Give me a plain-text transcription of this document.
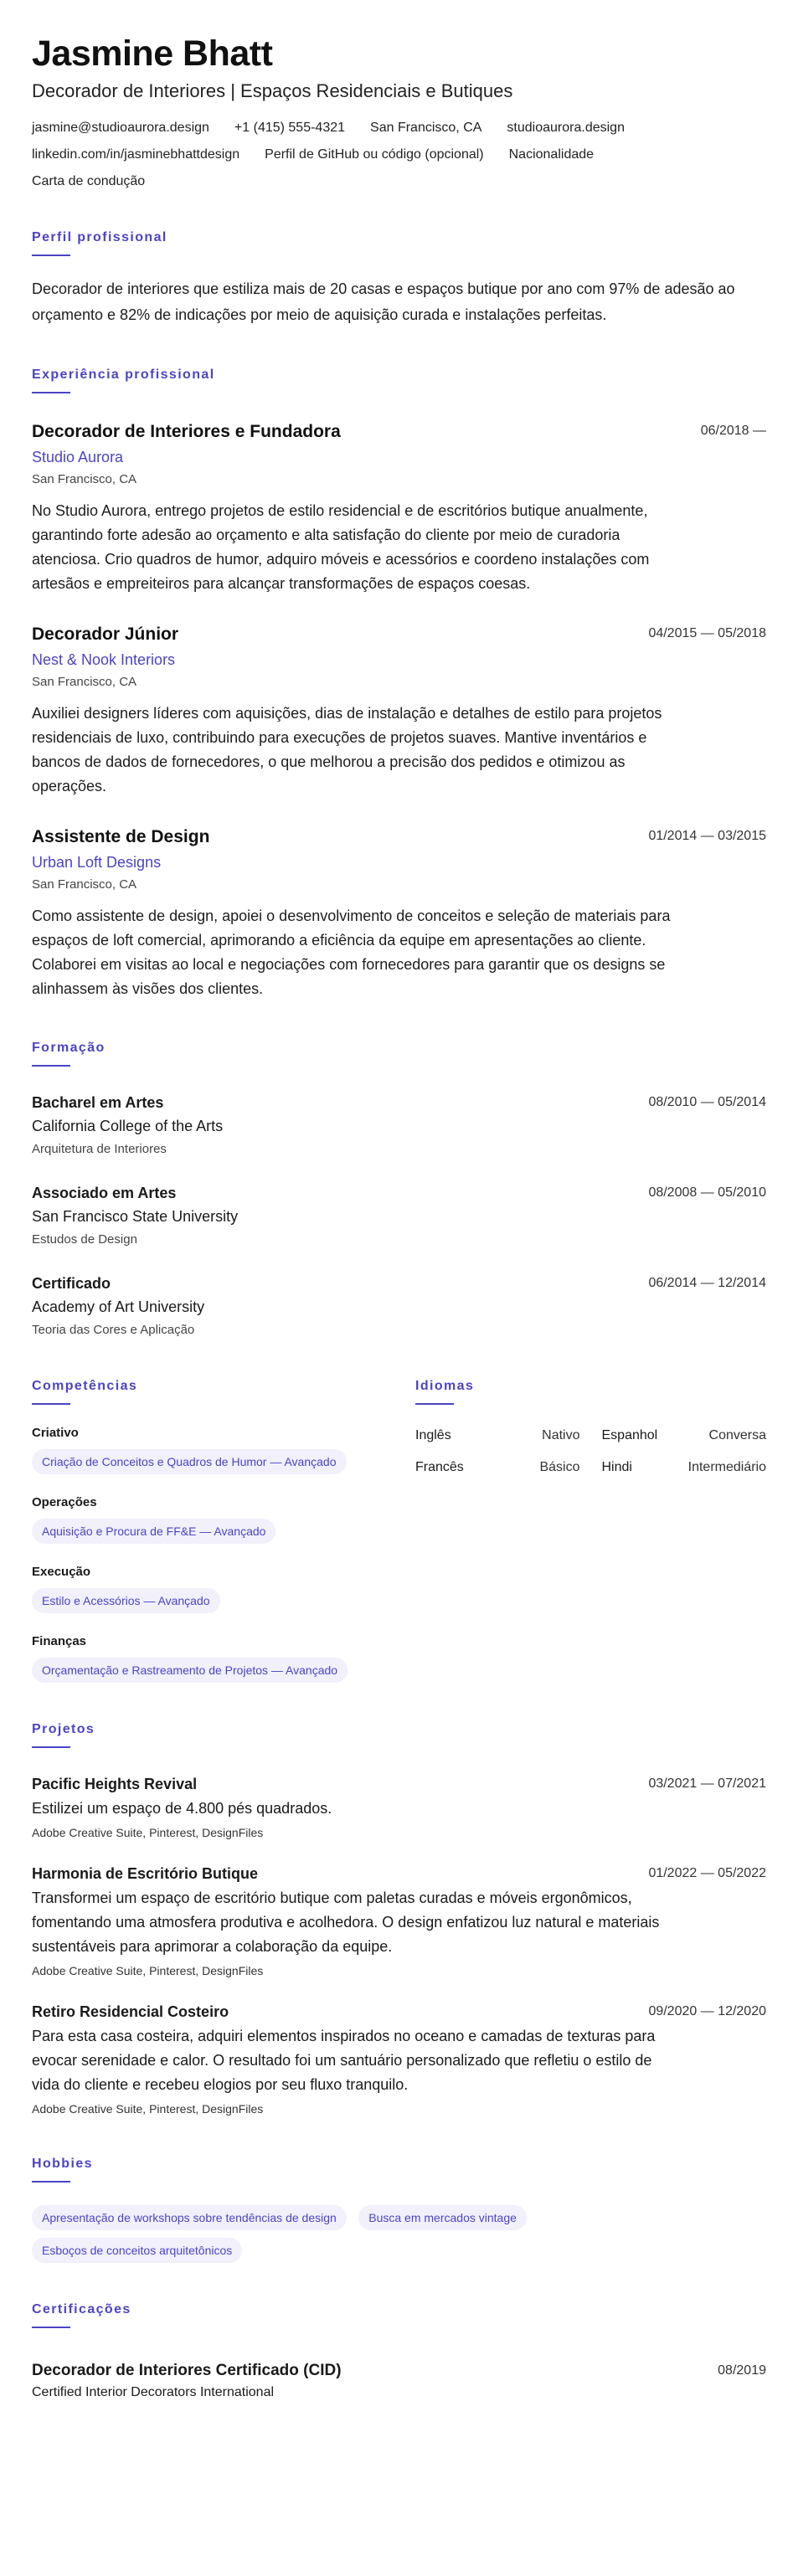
Jasmine Bhatt
Decorador de Interiores | Espaços Residenciais e Butiques
jasmine@studioaurora.design +1 (415) 555-4321 San Francisco, CA studioaurora.design
linkedin.com/in/jasminebhattdesign Perfil de GitHub ou código (opcional) Nacionalidade
Carta de condução
Perfil profissional

Decorador de interiores que estiliza mais de 20 casas e espaços butique por ano com 97% de adesão ao orçamento e 82% de indicações por meio de aquisição curada e instalações perfeitas.

Experiência profissional
Decorador de Interiores e Fundadora	06/2018 —
Studio Aurora
San Francisco, CA

No Studio Aurora, entrego projetos de estilo residencial e de escritórios butique anualmente, garantindo forte adesão ao orçamento e alta satisfação do cliente por meio de curadoria atenciosa. Crio quadros de humor, adquiro móveis e acessórios e coordeno instalações com artesãos e empreiteiros para alcançar transformações de espaços coesas.

Decorador Júnior	04/2015 — 05/2018
Nest & Nook Interiors
San Francisco, CA

Auxiliei designers líderes com aquisições, dias de instalação e detalhes de estilo para projetos residenciais de luxo, contribuindo para execuções de projetos suaves. Mantive inventários e bancos de dados de fornecedores, o que melhorou a precisão dos pedidos e otimizou as operações.

Assistente de Design	01/2014 — 03/2015
Urban Loft Designs
San Francisco, CA

Como assistente de design, apoiei o desenvolvimento de conceitos e seleção de materiais para espaços de loft comercial, aprimorando a eficiência da equipe em apresentações ao cliente. Colaborei em visitas ao local e negociações com fornecedores para garantir que os designs se alinhassem às visões dos clientes.

Formação
Bacharel em Artes	08/2010 — 05/2014
California College of the Arts
Arquitetura de Interiores
Associado em Artes	08/2008 — 05/2010
San Francisco State University
Estudos de Design
Certificado	06/2014 — 12/2014
Academy of Art University
Teoria das Cores e Aplicação
Competências
Criativo
Criação de Conceitos e Quadros de Humor — Avançado
Operações
Aquisição e Procura de FF&E — Avançado
Execução
Estilo e Acessórios — Avançado
Finanças
Orçamentação e Rastreamento de Projetos — Avançado
Idiomas
Inglês	Nativo Espanhol	Conversa
Francês	Básico Hindi	Intermediário
Projetos
Pacific Heights Revival	03/2021 — 07/2021

Estilizei um espaço de 4.800 pés quadrados.

Adobe Creative Suite, Pinterest, DesignFiles
Harmonia de Escritório Butique	01/2022 — 05/2022

Transformei um espaço de escritório butique com paletas curadas e móveis ergonômicos, fomentando uma atmosfera produtiva e acolhedora. O design enfatizou luz natural e materiais sustentáveis para aprimorar a colaboração da equipe.

Adobe Creative Suite, Pinterest, DesignFiles
Retiro Residencial Costeiro	09/2020 — 12/2020

Para esta casa costeira, adquiri elementos inspirados no oceano e camadas de texturas para evocar serenidade e calor. O resultado foi um santuário personalizado que refletiu o estilo de vida do cliente e recebeu elogios por seu fluxo tranquilo.

Adobe Creative Suite, Pinterest, DesignFiles
Hobbies
Apresentação de workshops sobre tendências de design	Busca em mercados vintage Esboços de conceitos arquitetônicos
Certificações
Decorador de Interiores Certificado (CID)	08/2019
Certified Interior Decorators International
